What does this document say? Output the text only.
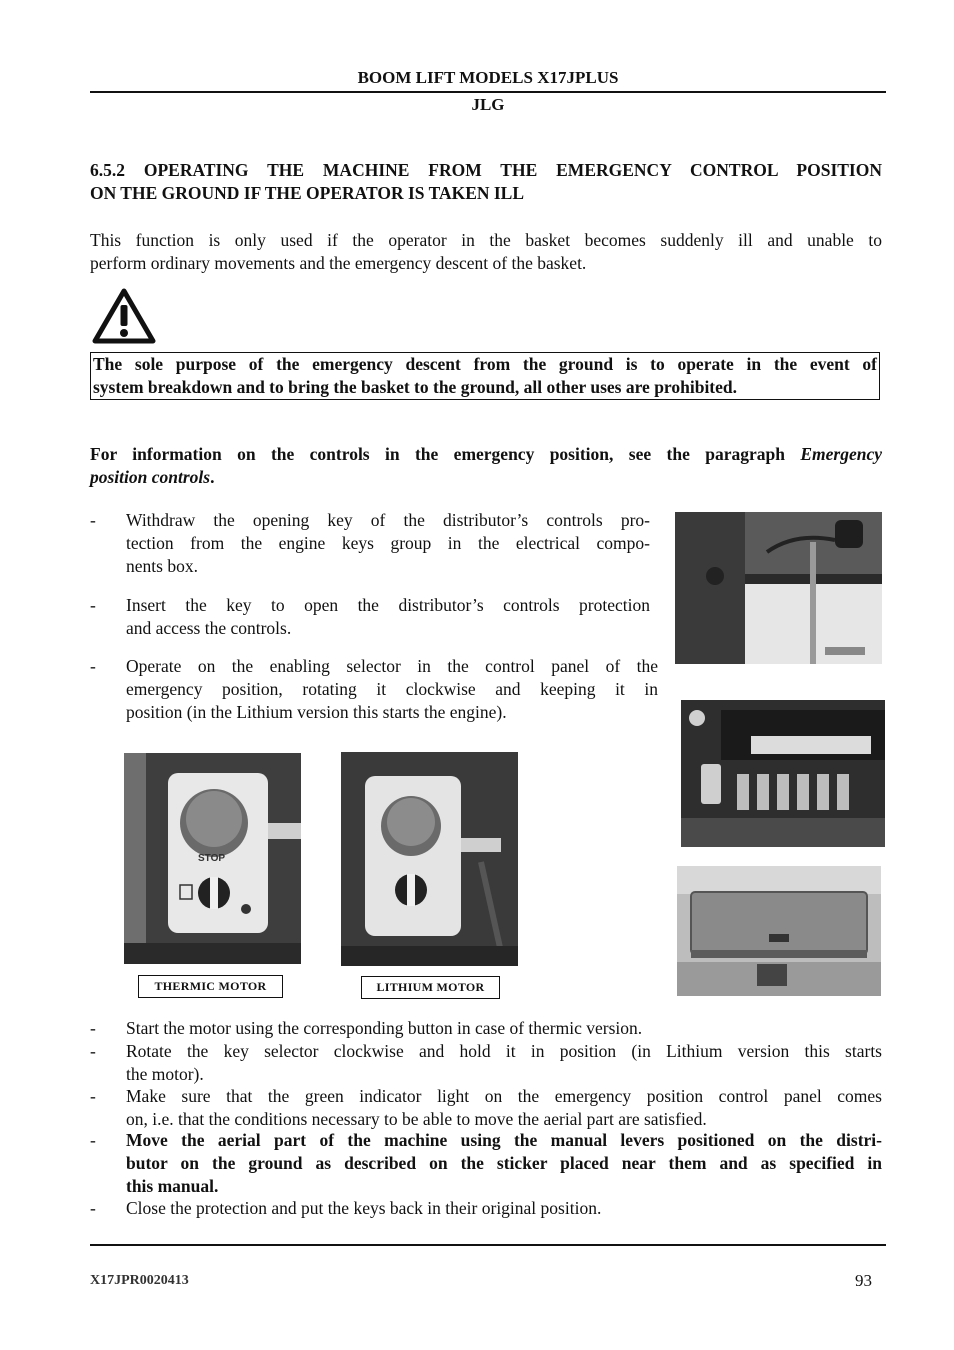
BOOM LIFT MODELS X17JPLUS
JLG
6.5.2 OPERATING THE MACHINE FROM THE EMERGENCY CONTROL POSITION
ON THE GROUND IF THE OPERATOR IS TAKEN ILL
This function is only used if the operator in the basket becomes suddenly ill and unable to
perform ordinary movements and the emergency descent of the basket.
The sole purpose of the emergency descent from the ground is to operate in the event of
system breakdown and to bring the basket to the ground, all other uses are prohibited.
For information on the controls in the emergency position, see the paragraph Emergency
position controls.
- Withdraw the opening key of the distributor’s controls pro-
tection from the engine keys group in the electrical compo-
nents box.
- Insert the key to open the distributor’s controls protection
and access the controls.
- Operate on the enabling selector in the control panel of the
emergency position, rotating it clockwise and keeping it in
position (in the Lithium version this starts the engine).
STOP
THERMIC MOTOR	LITHIUM MOTOR
- Start the motor using the corresponding button in case of thermic version.
- Rotate the key selector clockwise and hold it in position (in Lithium version this starts
the motor).
- Make sure that the green indicator light on the emergency position control panel comes
on, i.e. that the conditions necessary to be able to move the aerial part are satisfied.
- Move the aerial part of the machine using the manual levers positioned on the distri-
butor on the ground as described on the sticker placed near them and as specified in
this manual.
- Close the protection and put the keys back in their original position.
X17JPR0020413	93
